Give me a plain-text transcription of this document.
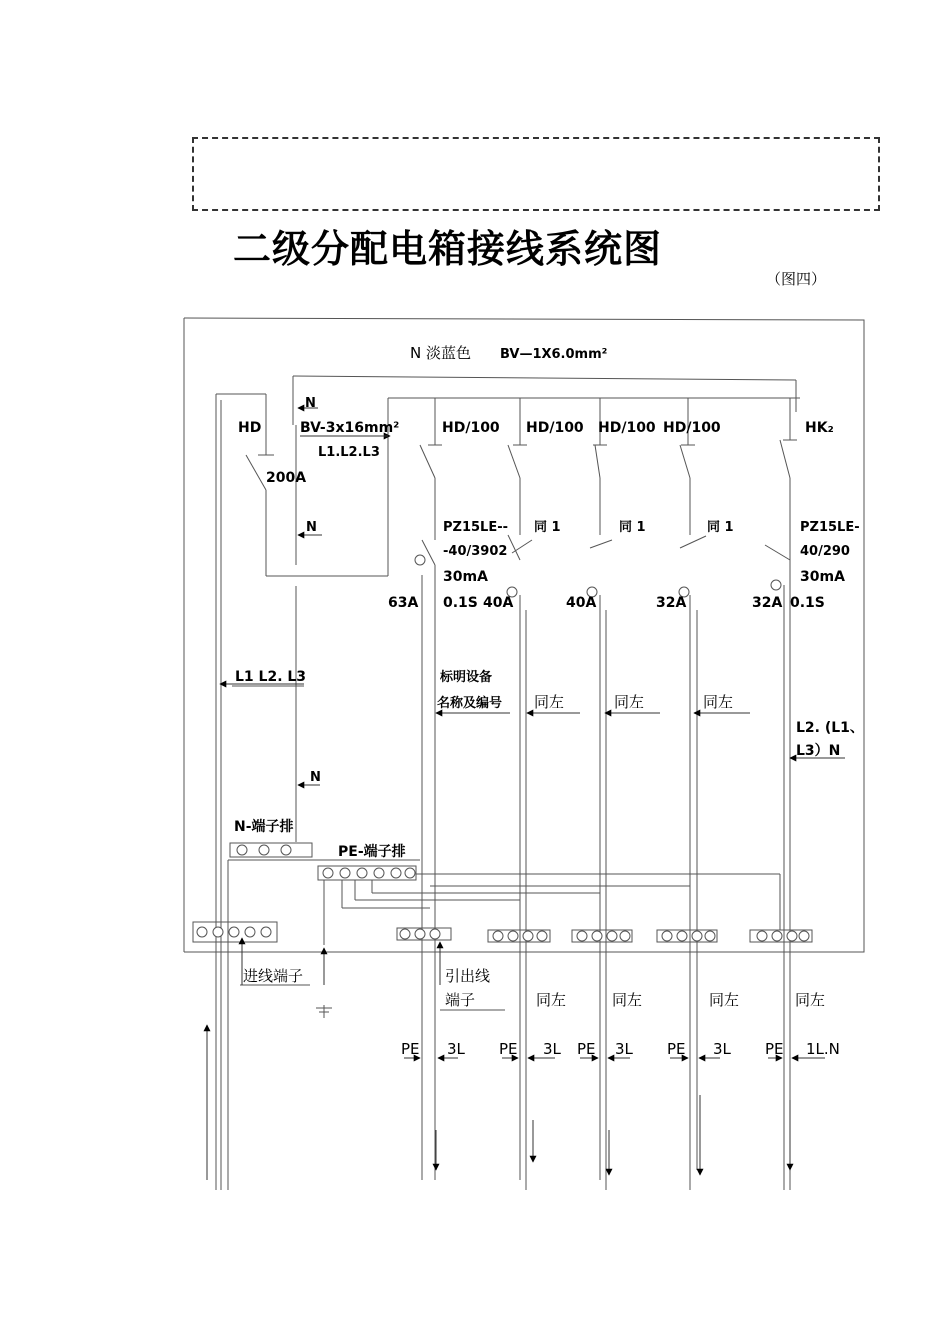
二级分配电箱接线系统图
（图四）
N 淡蓝色 BV—1X6.0mm²
N
HD	BV-3x16mm²
L1.L2.L3
200A
N
HD/100 HD/100 HD/100 HD/100	HK₂
PZ15LE--
-40/3902
30mA
同 1	同 1	同 1	PZ15LE-
40/290
30mA
63A 0.1S 40A	40A	32A	32A 0.1S
L1 L2. L3	标明设备
名称及编号 同左	同左	同左
L2. (L1、
L3）N
N
N-端子排
PE-端子排
进线端子	引出线
端子	同左	同左	同左	同左
PE 3L PE 3L PE 3L PE 3L PE 1L.N
